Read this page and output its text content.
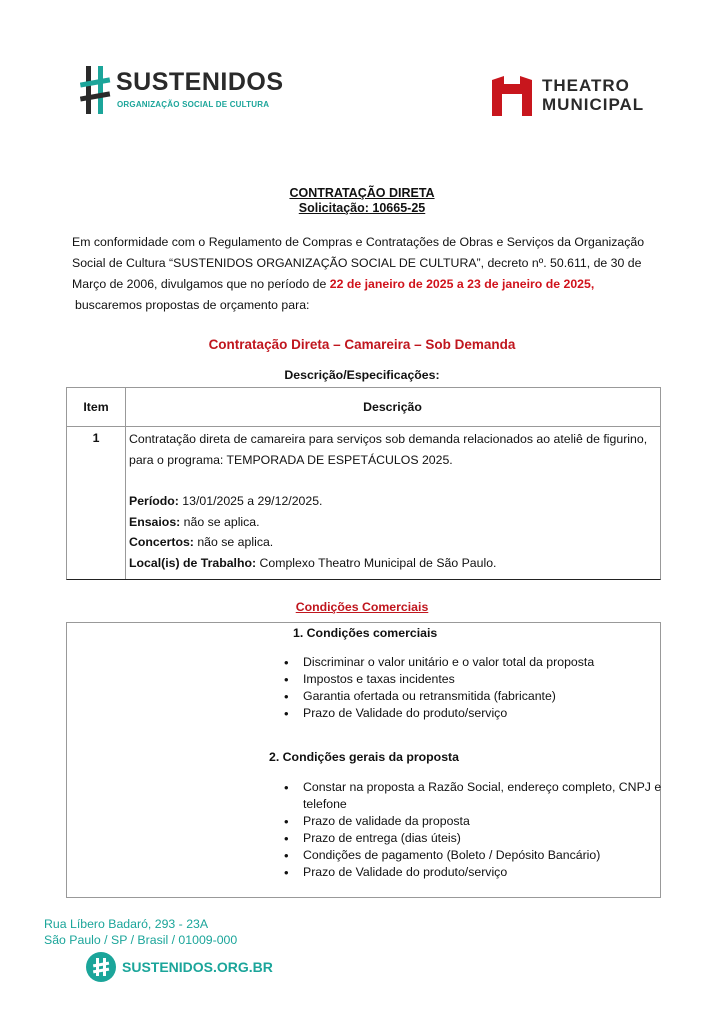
SUSTENIDOS
ORGANIZAÇÃO SOCIAL DE CULTURA
THEATRO
MUNICIPAL
CONTRATAÇÃO DIRETA
Solicitação: 10665-25
Em conformidade com o Regulamento de Compras e Contratações de Obras e Serviços da Organização
Social de Cultura “SUSTENIDOS ORGANIZAÇÃO SOCIAL DE CULTURA”, decreto nº. 50.611, de 30 de
Março de 2006, divulgamos que no período de 22 de janeiro de 2025 a 23 de janeiro de 2025,
buscaremos propostas de orçamento para:
Contratação Direta – Camareira – Sob Demanda
Descrição/Especificações:
Item	Descrição
1	Contratação direta de camareira para serviços sob demanda relacionados ao ateliê de figurino,
para o programa: TEMPORADA DE ESPETÁCULOS 2025.
Período: 13/01/2025 a 29/12/2025.
Ensaios: não se aplica.
Concertos: não se aplica.
Local(is) de Trabalho: Complexo Theatro Municipal de São Paulo.
Condições Comerciais
1. Condições comerciais
• Discriminar o valor unitário e o valor total da proposta
• Impostos e taxas incidentes
• Garantia ofertada ou retransmitida (fabricante)
• Prazo de Validade do produto/serviço
2. Condições gerais da proposta
• Constar na proposta a Razão Social, endereço completo, CNPJ e telefone
• Prazo de validade da proposta
• Prazo de entrega (dias úteis)
• Condições de pagamento (Boleto / Depósito Bancário)
• Prazo de Validade do produto/serviço
Rua Líbero Badaró, 293 - 23A
São Paulo / SP / Brasil / 01009-000
SUSTENIDOS.ORG.BR
